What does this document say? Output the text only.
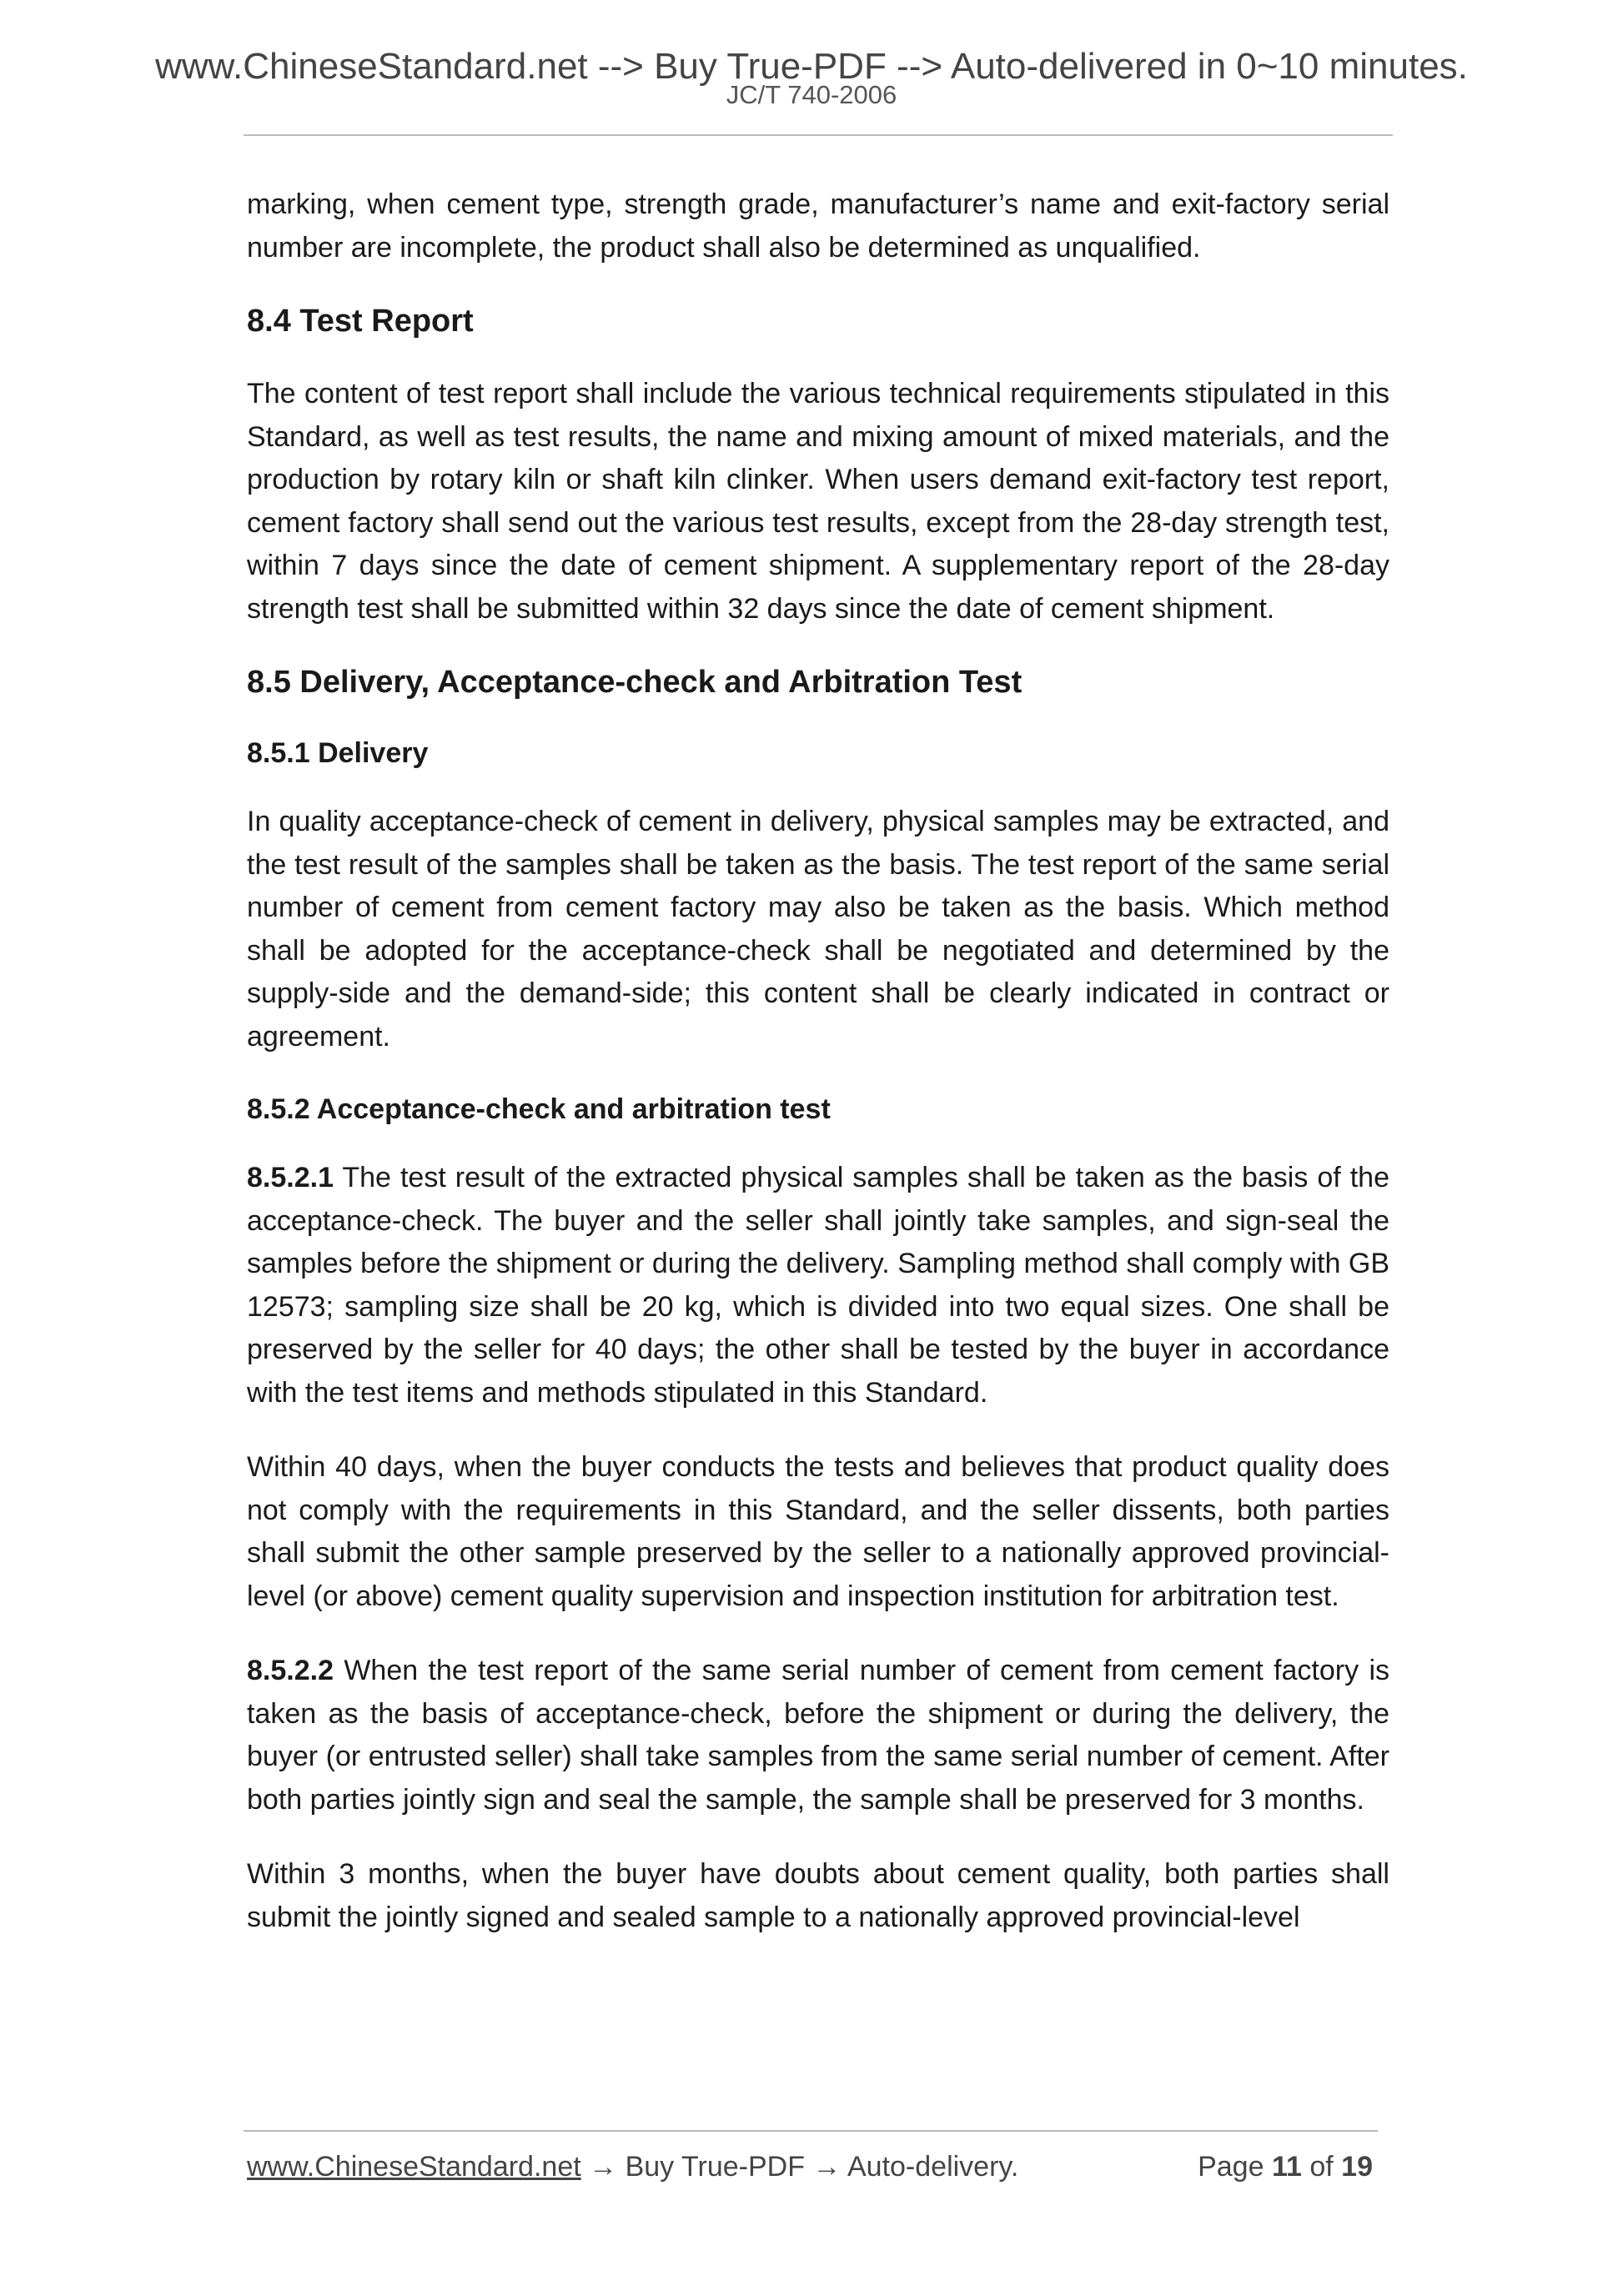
www.ChineseStandard.net --> Buy True-PDF --> Auto-delivered in 0~10 minutes.
JC/T 740-2006

marking, when cement type, strength grade, manufacturer’s name and exit-factory serial number are incomplete, the product shall also be determined as unqualified.

8.4 Test Report

The content of test report shall include the various technical requirements stipulated in this Standard, as well as test results, the name and mixing amount of mixed materials, and the production by rotary kiln or shaft kiln clinker. When users demand exit-factory test report, cement factory shall send out the various test results, except from the 28-day strength test, within 7 days since the date of cement shipment. A supplementary report of the 28-day strength test shall be submitted within 32 days since the date of cement shipment.

8.5 Delivery, Acceptance-check and Arbitration Test
8.5.1 Delivery

In quality acceptance-check of cement in delivery, physical samples may be extracted, and the test result of the samples shall be taken as the basis. The test report of the same serial number of cement from cement factory may also be taken as the basis. Which method shall be adopted for the acceptance-check shall be negotiated and determined by the supply-side and the demand-side; this content shall be clearly indicated in contract or agreement.

8.5.2 Acceptance-check and arbitration test

8.5.2.1 The test result of the extracted physical samples shall be taken as the basis of the acceptance-check. The buyer and the seller shall jointly take samples, and sign-seal the samples before the shipment or during the delivery. Sampling method shall comply with GB 12573; sampling size shall be 20 kg, which is divided into two equal sizes. One shall be preserved by the seller for 40 days; the other shall be tested by the buyer in accordance with the test items and methods stipulated in this Standard.

Within 40 days, when the buyer conducts the tests and believes that product quality does not comply with the requirements in this Standard, and the seller dissents, both parties shall submit the other sample preserved by the seller to a nationally approved provincial-level (or above) cement quality supervision and inspection institution for arbitration test.

8.5.2.2 When the test report of the same serial number of cement from cement factory is taken as the basis of acceptance-check, before the shipment or during the delivery, the buyer (or entrusted seller) shall take samples from the same serial number of cement. After both parties jointly sign and seal the sample, the sample shall be preserved for 3 months.

Within 3 months, when the buyer have doubts about cement quality, both parties shall submit the jointly signed and sealed sample to a nationally approved provincial-level

www.ChineseStandard.net → Buy True-PDF → Auto-delivery.	Page 11 of 19
